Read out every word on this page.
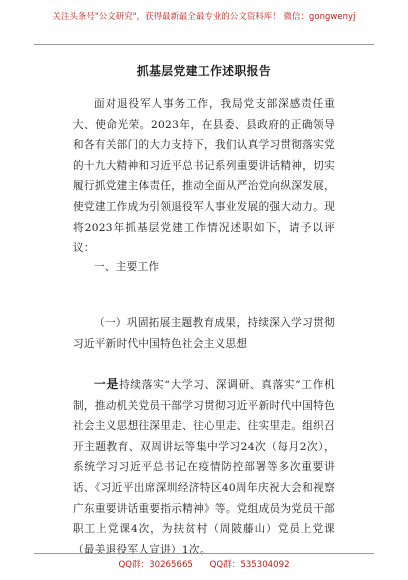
关注头条号"公文研究"，获得最新最全最专业的公文资料库！ 微信：gongwenyj
抓基层党建工作述职报告
面对退役军人事务工作，我局党支部深感责任重大、使命光荣。2023年，在县委、县政府的正确领导和各有关部门的大力支持下，我们认真学习贯彻落实党的十九大精神和习近平总书记系列重要讲话精神，切实履行抓党建主体责任，推动全面从严治党向纵深发展，使党建工作成为引领退役军人事业发展的强大动力。现将2023年抓基层党建工作情况述职如下，请予以评议：
一、主要工作
（一）巩固拓展主题教育成果，持续深入学习贯彻习近平新时代中国特色社会主义思想
一是持续落实“大学习、深调研、真落实”工作机制，推动机关党员干部学习贯彻习近平新时代中国特色社会主义思想往深里走、往心里走、往实里走。组织召开主题教育、双周讲坛等集中学习24次（每月2次），系统学习习近平总书记在疫情防控部署等多次重要讲话、《习近平出席深圳经济特区40周年庆祝大会和视察广东重要讲话重要指示精神》等。党组成员为党员干部职工上党课4次，为扶贫村（周陂藤山）党员上党课（最美退役军人宣讲）1次。
QQ群：30265665 QQ群：535304092
